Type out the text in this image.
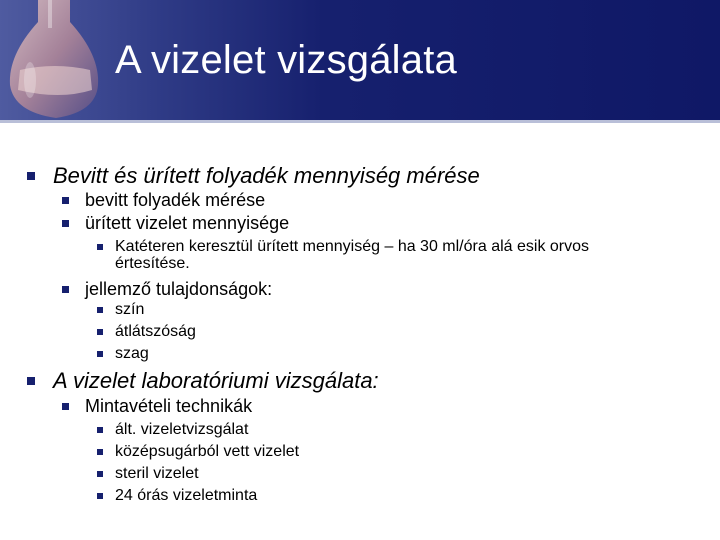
A vizelet vizsgálata
Bevitt és ürített folyadék mennyiség mérése
bevitt folyadék mérése
ürített vizelet mennyisége
Katéteren keresztül ürített mennyiség – ha 30 ml/óra alá esik orvos
értesítése.
jellemző tulajdonságok:
szín
átlátszóság
szag
A vizelet laboratóriumi vizsgálata:
Mintavételi technikák
ált. vizeletvizsgálat
középsugárból vett vizelet
steril vizelet
24 órás vizeletminta
